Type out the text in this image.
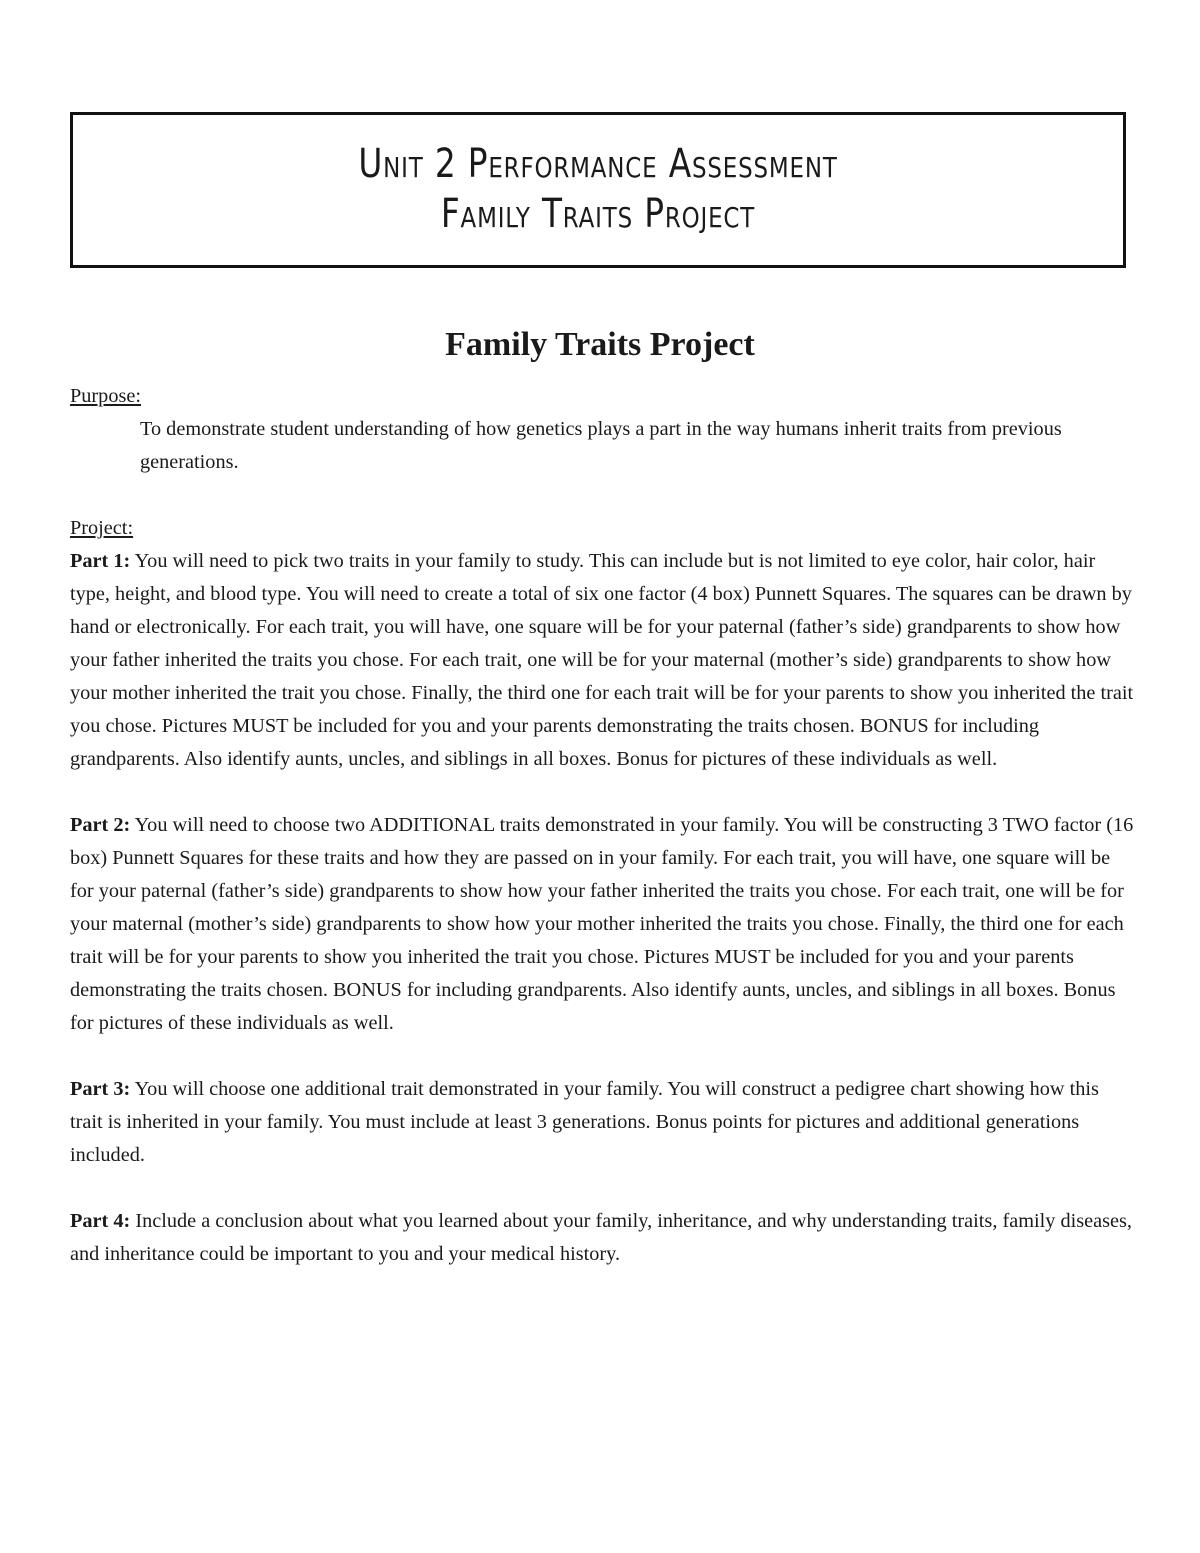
Unit 2 Performance Assessment
Family Traits Project
Family Traits Project

Purpose:

To demonstrate student understanding of how genetics plays a part in the way humans inherit traits from previous generations.

Project:

Part 1: You will need to pick two traits in your family to study. This can include but is not limited to eye color, hair color, hair type, height, and blood type. You will need to create a total of six one factor (4 box) Punnett Squares. The squares can be drawn by hand or electronically. For each trait, you will have, one square will be for your paternal (father’s side) grandparents to show how your father inherited the traits you chose. For each trait, one will be for your maternal (mother’s side) grandparents to show how your mother inherited the trait you chose. Finally, the third one for each trait will be for your parents to show you inherited the trait you chose. Pictures MUST be included for you and your parents demonstrating the traits chosen. BONUS for including grandparents. Also identify aunts, uncles, and siblings in all boxes. Bonus for pictures of these individuals as well.

Part 2: You will need to choose two ADDITIONAL traits demonstrated in your family. You will be constructing 3 TWO factor (16 box) Punnett Squares for these traits and how they are passed on in your family. For each trait, you will have, one square will be for your paternal (father’s side) grandparents to show how your father inherited the traits you chose. For each trait, one will be for your maternal (mother’s side) grandparents to show how your mother inherited the traits you chose. Finally, the third one for each trait will be for your parents to show you inherited the trait you chose. Pictures MUST be included for you and your parents demonstrating the traits chosen. BONUS for including grandparents. Also identify aunts, uncles, and siblings in all boxes. Bonus for pictures of these individuals as well.

Part 3: You will choose one additional trait demonstrated in your family. You will construct a pedigree chart showing how this trait is inherited in your family. You must include at least 3 generations. Bonus points for pictures and additional generations included.

Part 4: Include a conclusion about what you learned about your family, inheritance, and why understanding traits, family diseases, and inheritance could be important to you and your medical history.
